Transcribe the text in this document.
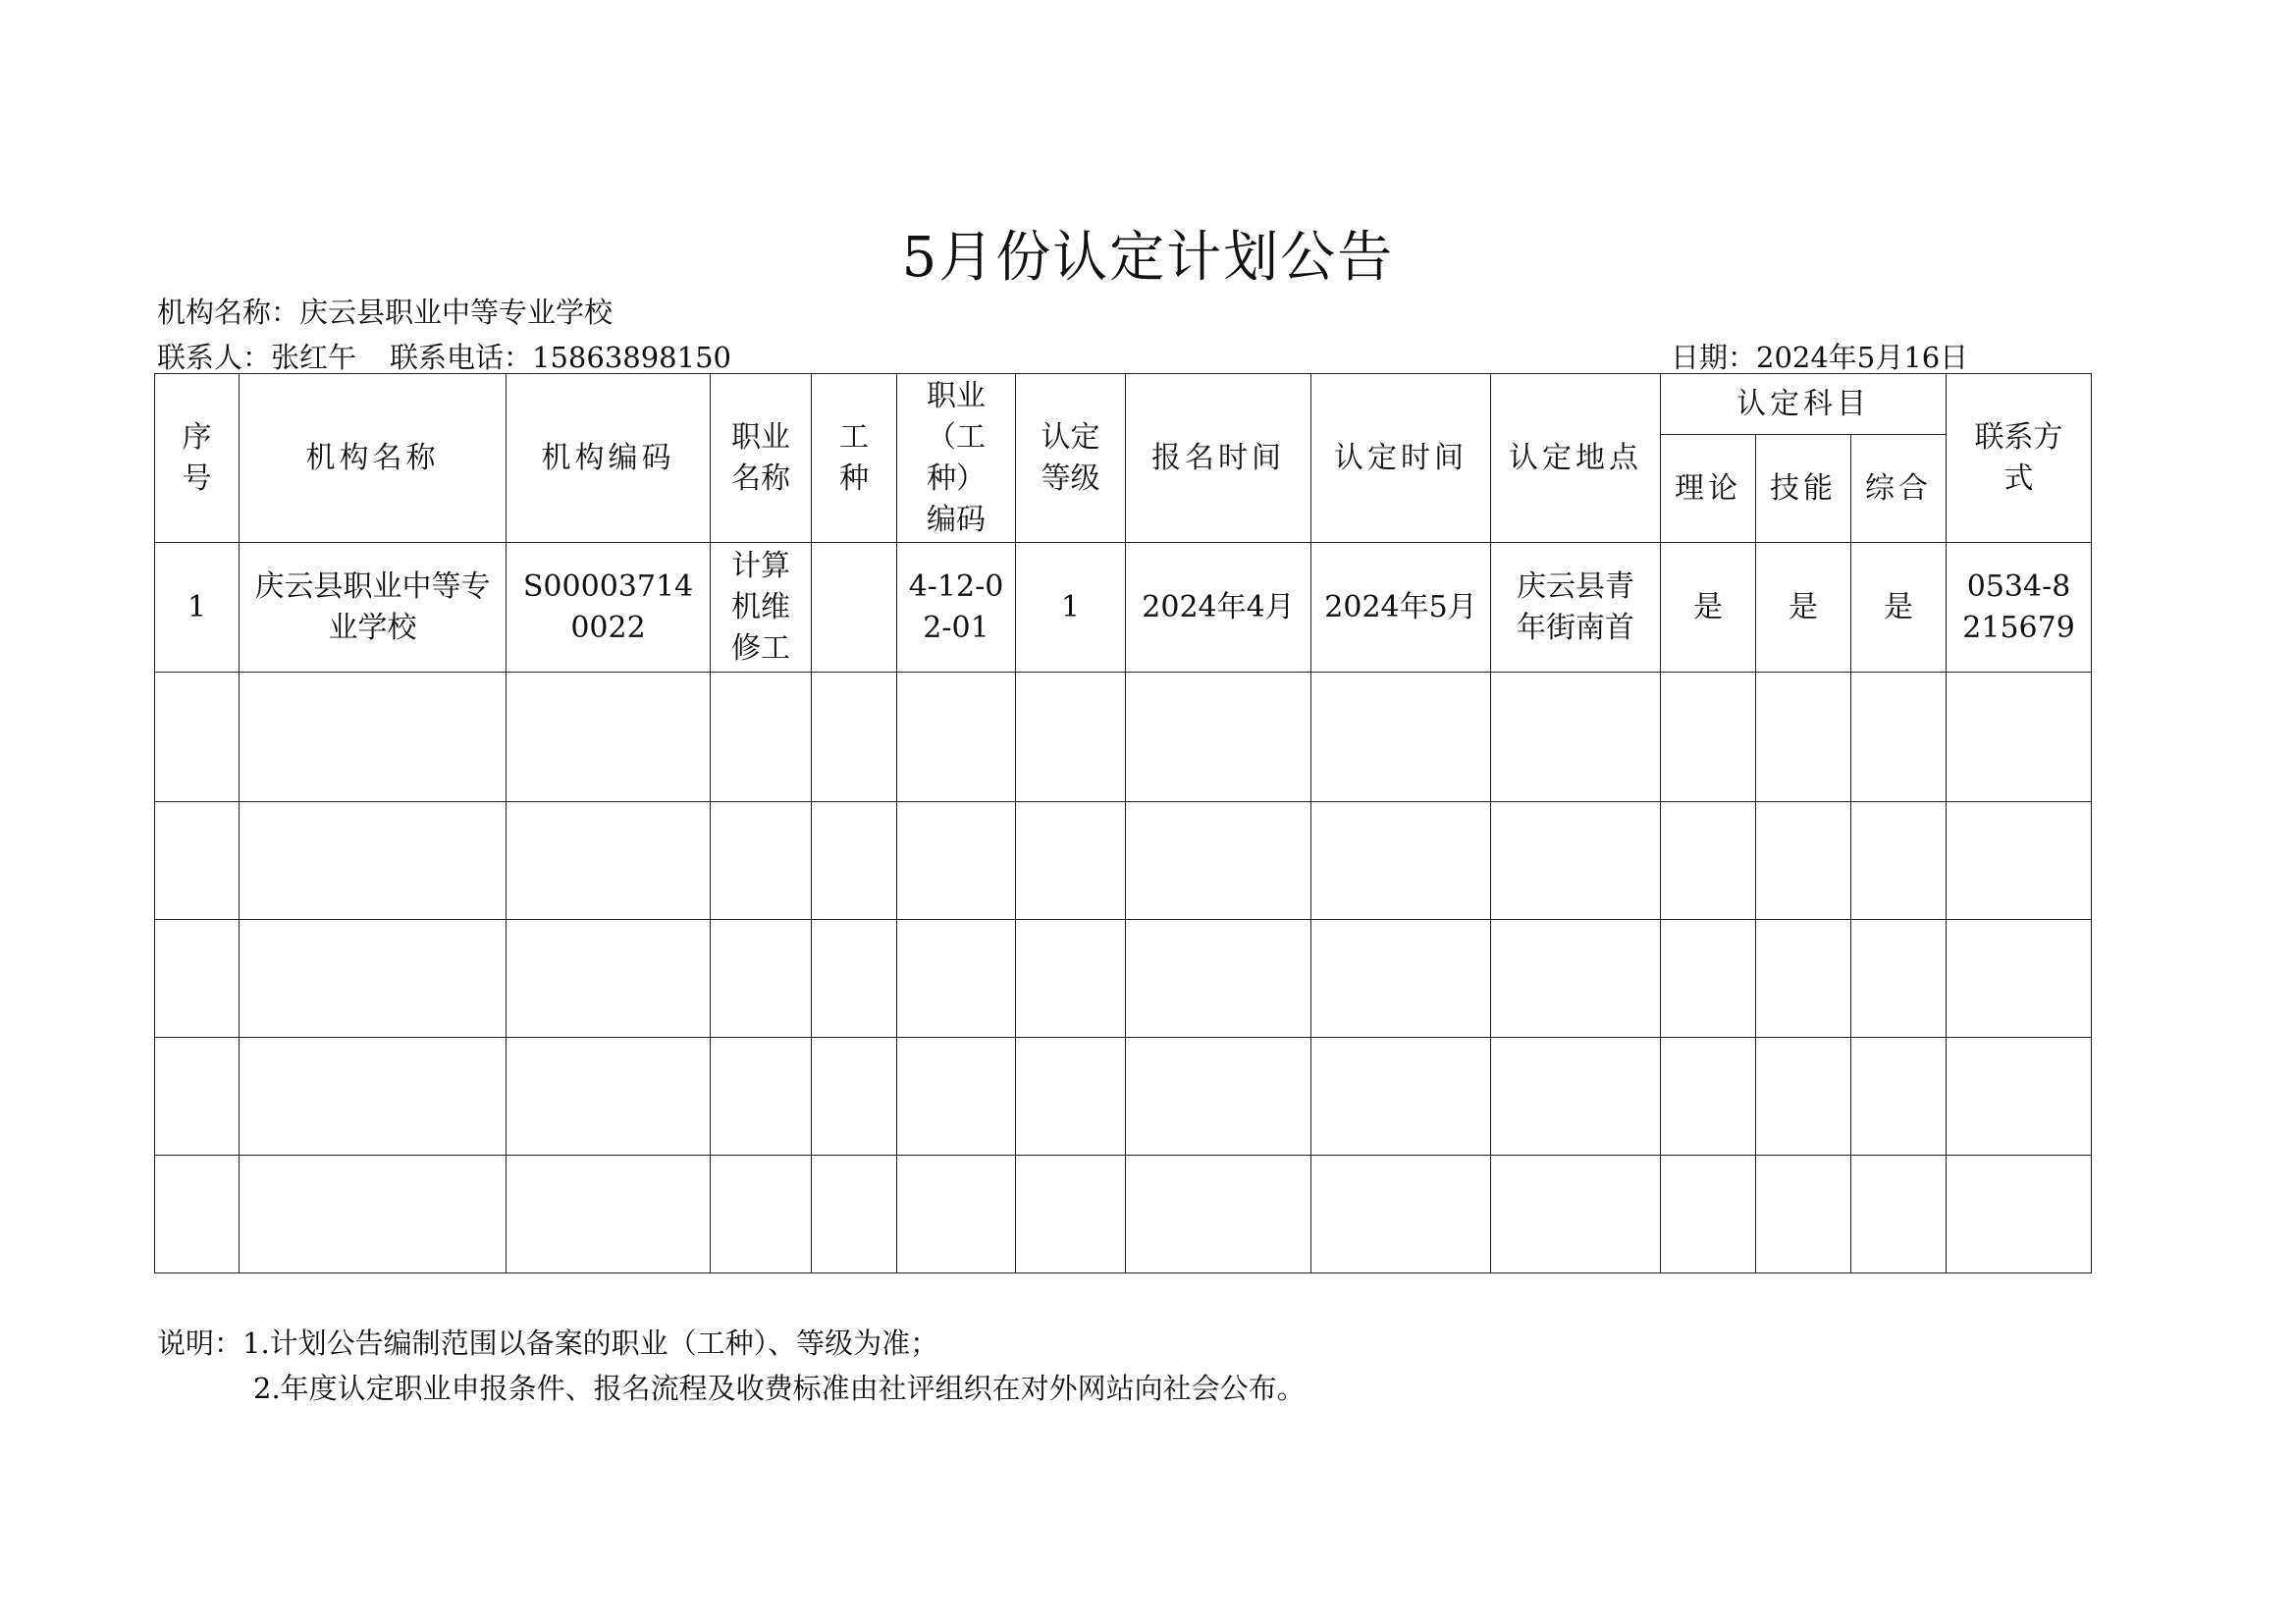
5月份认定计划公告
机构名称：庆云县职业中等专业学校
联系人：张红午 联系电话：15863898150	日期：2024年5月16日
序号	机构名称	机构编码	职业名称	工种	职业（工种）编码	认定等级	报名时间	认定时间	认定地点	认定科目			联系方式
										理论	技能	综合	
1	庆云县职业中等专业学校	S000037140022	计算机维修工		4-12-02-01	1	2024年4月	2024年5月	庆云县青年街南首	是	是	是	0534-8215679

说明：1.计划公告编制范围以备案的职业（工种）、等级为准；
2.年度认定职业申报条件、报名流程及收费标准由社评组织在对外网站向社会公布。
